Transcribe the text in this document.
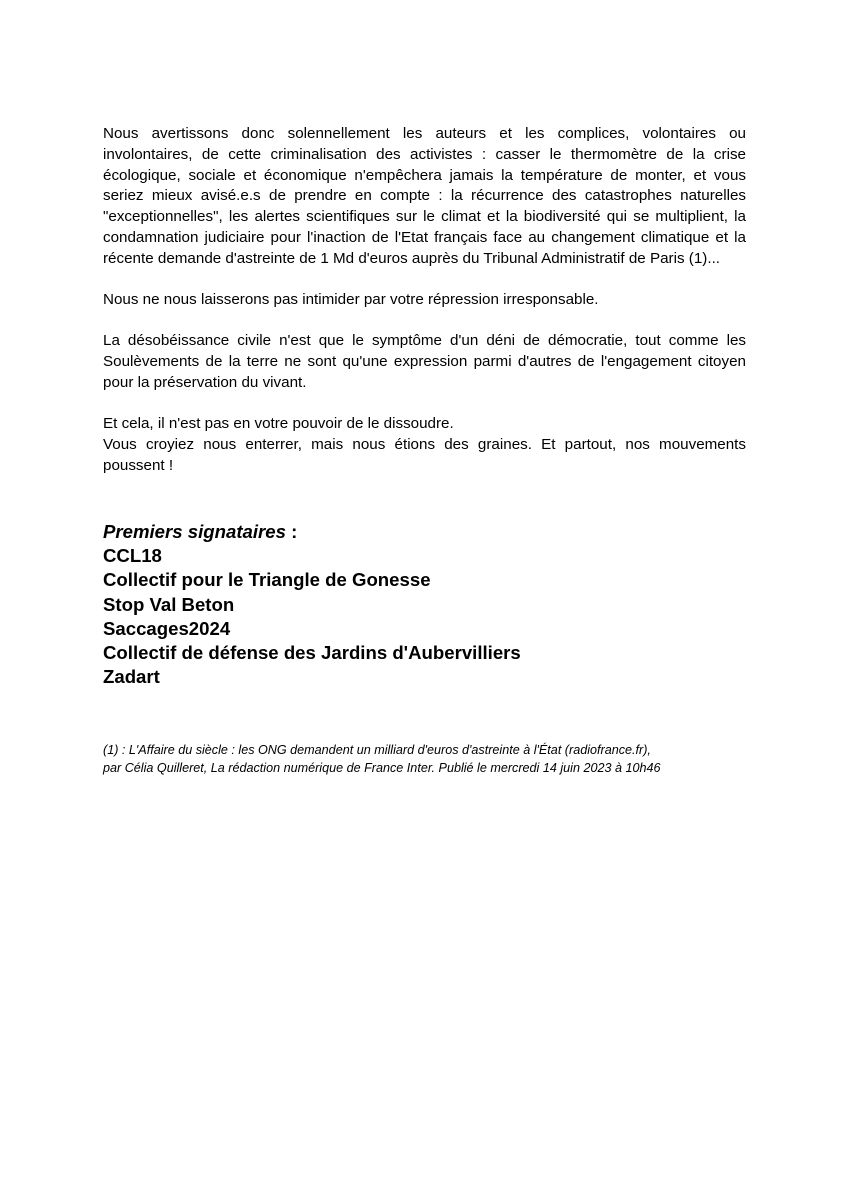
Nous avertissons donc solennellement les auteurs et les complices, volontaires ou involontaires, de cette criminalisation des activistes : casser le thermomètre de la crise écologique, sociale et économique n'empêchera jamais la température de monter, et vous seriez mieux avisé.e.s de prendre en compte : la récurrence des catastrophes naturelles "exceptionnelles", les alertes scientifiques sur le climat et la biodiversité qui se multiplient, la condamnation judiciaire pour l'inaction de l'Etat français face au changement climatique et la récente demande d'astreinte de 1 Md d'euros auprès du Tribunal Administratif de Paris (1)...

Nous ne nous laisserons pas intimider par votre répression irresponsable.

La désobéissance civile n'est que le symptôme d'un déni de démocratie, tout comme les Soulèvements de la terre ne sont qu'une expression parmi d'autres de l'engagement citoyen pour la préservation du vivant.

Et cela, il n'est pas en votre pouvoir de le dissoudre.
Vous croyiez nous enterrer, mais nous étions des graines. Et partout, nos mouvements poussent !
Premiers signataires :
CCL18
Collectif pour le Triangle de Gonesse
Stop Val Beton
Saccages2024
Collectif de défense des Jardins d'Aubervilliers
Zadart
(1) : L'Affaire du siècle : les ONG demandent un milliard d'euros d'astreinte à l'État (radiofrance.fr),
par Célia Quilleret, La rédaction numérique de France Inter. Publié le mercredi 14 juin 2023 à 10h46
